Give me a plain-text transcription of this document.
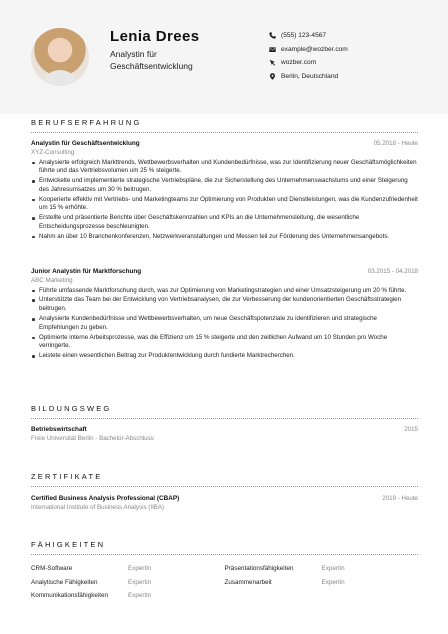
Lenia Drees
Analystin für Geschäftsentwicklung
(555) 123-4567
example@wozber.com
wozber.com
Berlin, Deutschland
BERUFSERFAHRUNG
Analystin für Geschäftsentwicklung	05.2018 - Heute
XYZ-Consulting
Analysierte erfolgreich Markttrends, Wettbewerbsverhalten und Kundenbedürfnisse, was zur Identifizierung neuer Geschäftsmöglichkeiten führte und das Vertriebsvolumen um 25 % steigerte.
Entwickelte und implementierte strategische Vertriebspläne, die zur Sicherstellung des Unternehmenswachstums und einer Steigerung des Jahresumsatzes um 30 % beitrugen.
Kooperierte effektiv mit Vertriebs- und Marketingteams zur Optimierung von Produkten und Dienstleistungen, was die Kundenzufriedenheit um 15 % erhöhte.
Erstellte und präsentierte Berichte über Geschäftskennzahlen und KPIs an die Unternehmensleitung, die wesentliche Entscheidungsprozesse beschleunigten.
Nahm an über 10 Branchenkonferenzen, Netzwerkveranstaltungen und Messen teil zur Förderung des Unternehmensangebots.
Junior Analystin für Marktforschung	03.2015 - 04.2018
ABC Marketing
Führte umfassende Marktforschung durch, was zur Optimierung von Marketingstrategien und einer Umsatzsteigerung um 20 % führte.
Unterstützte das Team bei der Entwicklung von Vertriebsanalysen, die zur Verbesserung der kundenorientierten Geschäftsstrategien beitrugen.
Analysierte Kundenbedürfnisse und Wettbewerbsverhalten, um neue Geschäftspotenziale zu identifizieren und strategische Empfehlungen zu geben.
Optimierte interne Arbeitsprozesse, was die Effizienz um 15 % steigerte und den zeitlichen Aufwand um 10 Stunden pro Woche verringerte.
Leistete einen wesentlichen Beitrag zur Produktentwicklung durch fundierte Marktrecherchen.
BILDUNGSWEG
Betriebswirtschaft	2015
Freie Universität Berlin - Bachelor-Abschluss
ZERTIFIKATE
Certified Business Analysis Professional (CBAP)	2019 - Heute
International Institute of Business Analysis (IIBA)
FÄHIGKEITEN
CRM-Software	Expertin	Präsentationsfähigkeiten	Expertin
Analytische Fähigkeiten	Expertin	Zusammenarbeit	Expertin
Kommunikationsfähigkeiten	Expertin
